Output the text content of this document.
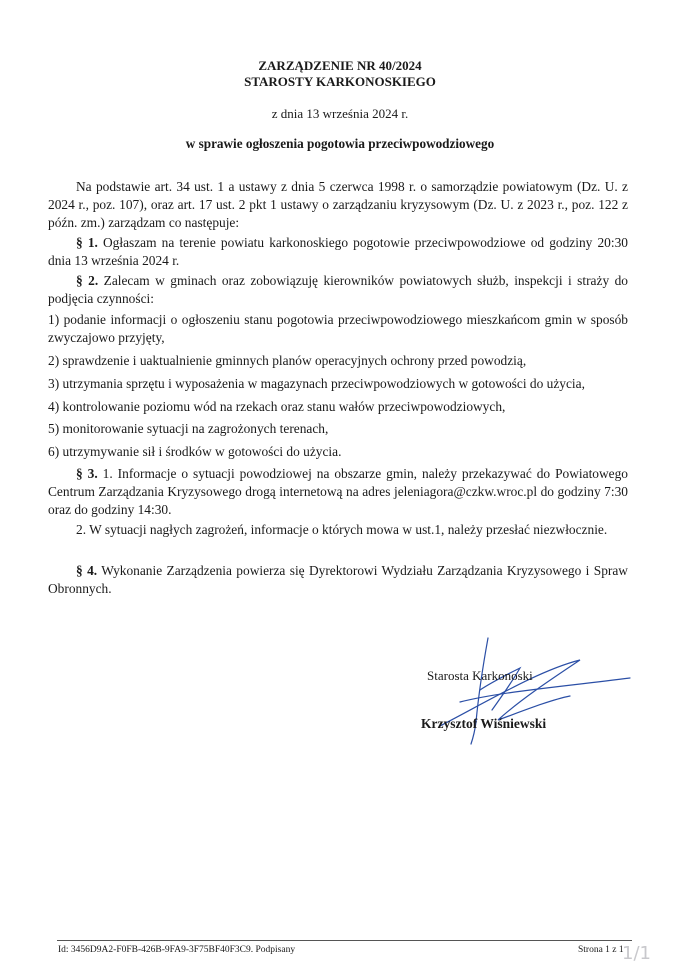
ZARZĄDZENIE NR 40/2024
STAROSTY KARKONOSKIEGO
z dnia 13 września 2024 r.
w sprawie ogłoszenia pogotowia przeciwpowodziowego
Na podstawie art. 34 ust. 1 a ustawy z dnia 5 czerwca 1998 r. o samorządzie powiatowym (Dz. U. z 2024 r., poz. 107), oraz art. 17 ust. 2 pkt 1 ustawy o zarządzaniu kryzysowym (Dz. U. z 2023 r., poz. 122 z późn. zm.) zarządzam co następuje:
§ 1. Ogłaszam na terenie powiatu karkonoskiego pogotowie przeciwpowodziowe od godziny 20:30 dnia 13 września 2024 r.
§ 2. Zalecam w gminach oraz zobowiązuję kierowników powiatowych służb, inspekcji i straży do podjęcia czynności:
1) podanie informacji o ogłoszeniu stanu pogotowia przeciwpowodziowego mieszkańcom gmin w sposób zwyczajowo przyjęty,
2) sprawdzenie i uaktualnienie gminnych planów operacyjnych ochrony przed powodzią,
3) utrzymania sprzętu i wyposażenia w magazynach przeciwpowodziowych w gotowości do użycia,
4) kontrolowanie poziomu wód na rzekach oraz stanu wałów przeciwpowodziowych,
5) monitorowanie sytuacji na zagrożonych terenach,
6) utrzymywanie sił i środków w gotowości do użycia.
§ 3. 1. Informacje o sytuacji powodziowej na obszarze gmin, należy przekazywać do Powiatowego Centrum Zarządzania Kryzysowego drogą internetową na adres jeleniagora@czkw.wroc.pl do godziny 7:30 oraz do godziny 14:30.
2. W sytuacji nagłych zagrożeń, informacje o których mowa w ust.1, należy przesłać niezwłocznie.
§ 4. Wykonanie Zarządzenia powierza się Dyrektorowi Wydziału Zarządzania Kryzysowego i Spraw Obronnych.
Starosta Karkonoski
Krzysztof Wiśniewski
Id: 3456D9A2-F0FB-426B-9FA9-3F75BF40F3C9. Podpisany	Strona 1 z 1
1/1
